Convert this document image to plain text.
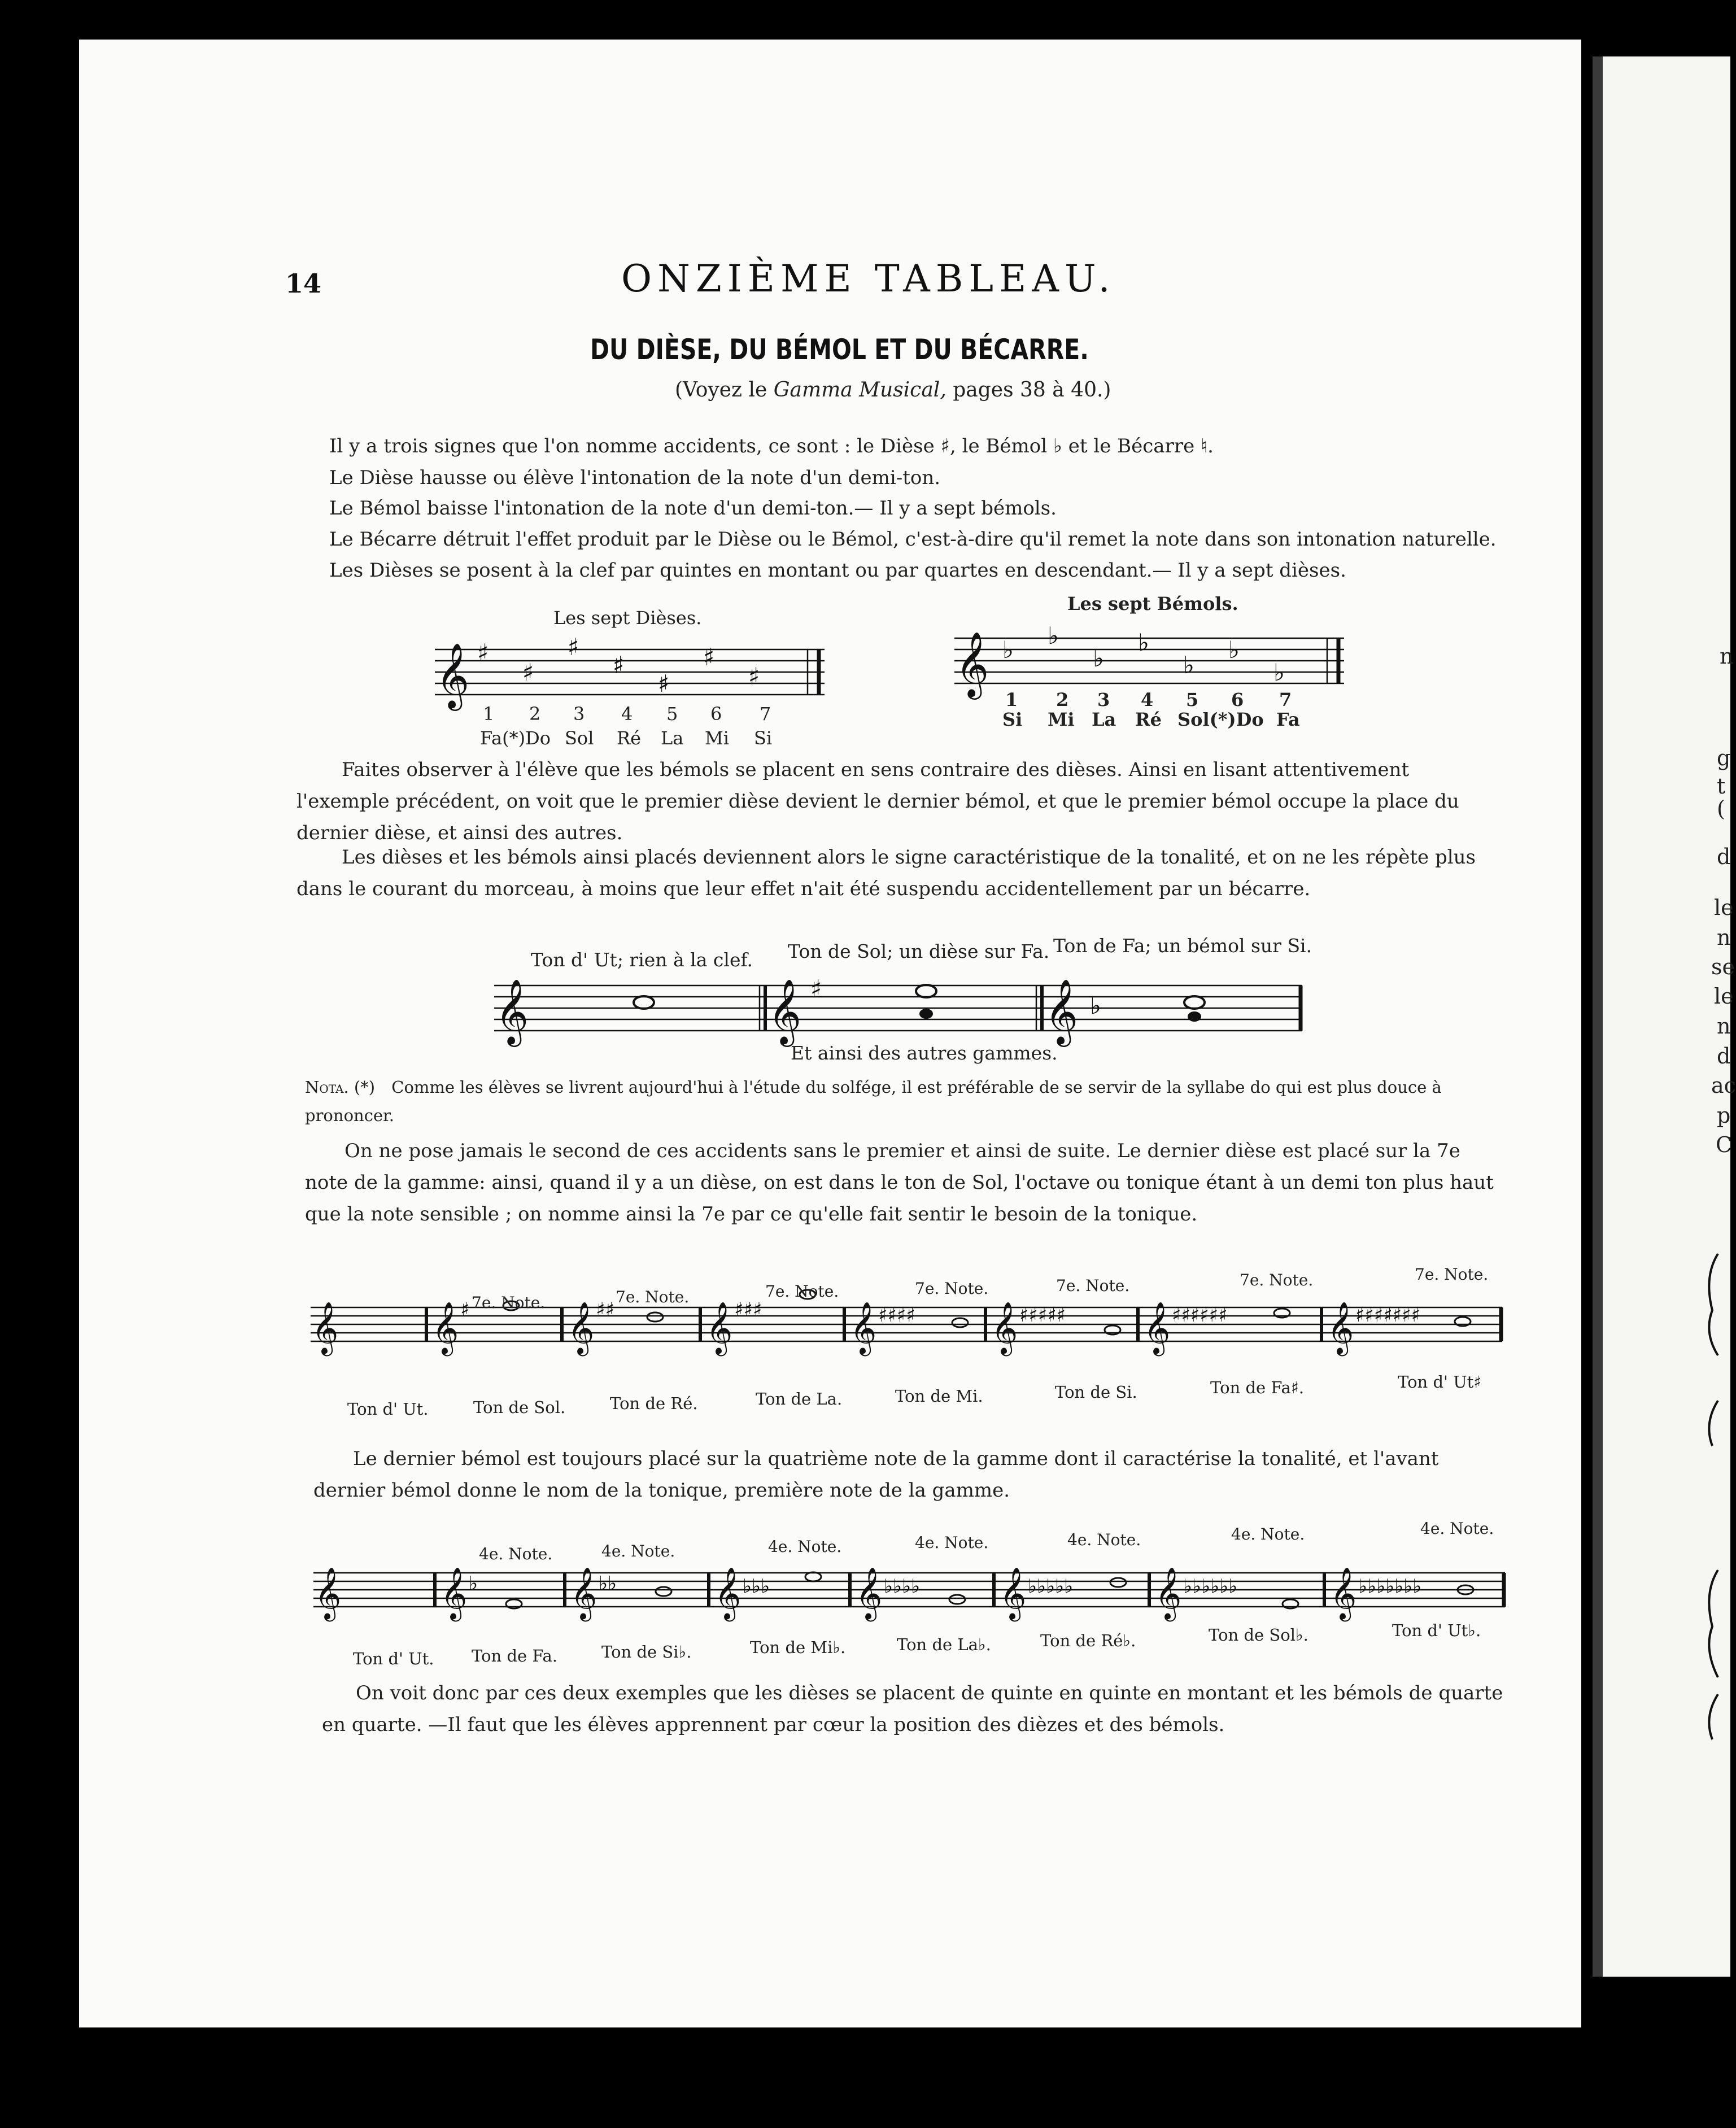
n
g
t
(
d
le
n
se
le
n
d
ac
p
C
14	ONZIÈME TABLEAU.
DU DIÈSE, DU BÉMOL ET DU BÉCARRE.
(Voyez le Gamma Musical, pages 38 à 40.)
Il y a trois signes que l'on nomme accidents, ce sont : le Dièse ♯, le Bémol ♭ et le Bécarre ♮.
Le Dièse hausse ou élève l'intonation de la note d'un demi-ton.
Le Bémol baisse l'intonation de la note d'un demi-ton.— Il y a sept bémols.
Le Bécarre détruit l'effet produit par le Dièse ou le Bémol, c'est-à-dire qu'il remet la note dans son intonation naturelle.
Les Dièses se posent à la clef par quintes en montant ou par quartes en descendant.— Il y a sept dièses.
Les sept Dièses.
𝄞 ♯
♯
♯
♯
♯
♯
♯
1 2 3 4 5 6 7
Fa(*)Do Sol Ré La Mi Si
Les sept Bémols.
𝄞 ♭
♭
♭
♭
♭
♭
♭
1 2 3 4 5 6 7
Si Mi La Ré Sol(*)Do Fa
Faites observer à l'élève que les bémols se placent en sens contraire des dièses. Ainsi en lisant attentivement l'exemple précédent, on voit que le premier dièse devient le dernier bémol, et que le premier bémol occupe la place du dernier dièse, et ainsi des autres.
Les dièses et les bémols ainsi placés deviennent alors le signe caractéristique de la tonalité, et on ne les répète plus dans le courant du morceau, à moins que leur effet n'ait été suspendu accidentellement par un bécarre.
Ton d' Ut; rien à la clef. Ton de Sol; un dièse sur Fa. Ton de Fa; un bémol sur Si.
𝄞	𝄞 ♯	𝄞 ♭
Et ainsi des autres gammes.
Nota. (*) Comme les élèves se livrent aujourd'hui à l'étude du solfége, il est préférable de se servir de la syllabe do qui est plus douce à prononcer.
On ne pose jamais le second de ces accidents sans le premier et ainsi de suite. Le dernier dièse est placé sur la 7e note de la gamme: ainsi, quand il y a un dièse, on est dans le ton de Sol, l'octave ou tonique étant à un demi ton plus haut que la note sensible ; on nomme ainsi la 7e par ce qu'elle fait sentir le besoin de la tonique.
𝄞 𝄞 ♯ 𝄞 ♯♯ 𝄞 ♯♯♯ 𝄞 ♯♯♯♯ 𝄞 ♯♯♯♯♯ 𝄞 ♯♯♯♯♯♯ 𝄞 ♯♯♯♯♯♯♯
7e. Note.	7e. Note.	7e. Note.	7e. Note.	7e. Note.	7e. Note.	7e. Note.
Ton d' Ut.	Ton de Sol.	Ton de Ré.	Ton de La.	Ton de Mi.	Ton de Si.	Ton de Fa♯.	Ton d' Ut♯
Le dernier bémol est toujours placé sur la quatrième note de la gamme dont il caractérise la tonalité, et l'avant dernier bémol donne le nom de la tonique, première note de la gamme.
𝄞 𝄞 ♭ 𝄞 ♭♭ 𝄞 ♭♭♭ 𝄞 ♭♭♭♭ 𝄞 ♭♭♭♭♭ 𝄞 ♭♭♭♭♭♭ 𝄞 ♭♭♭♭♭♭♭
4e. Note.	4e. Note.	4e. Note.	4e. Note.	4e. Note.	4e. Note.	4e. Note.
Ton d' Ut. Ton de Fa.	Ton de Si♭.	Ton de Mi♭.	Ton de La♭.	Ton de Ré♭.	Ton de Sol♭.	Ton d' Ut♭.
On voit donc par ces deux exemples que les dièses se placent de quinte en quinte en montant et les bémols de quarte en quarte. —Il faut que les élèves apprennent par cœur la position des dièzes et des bémols.
